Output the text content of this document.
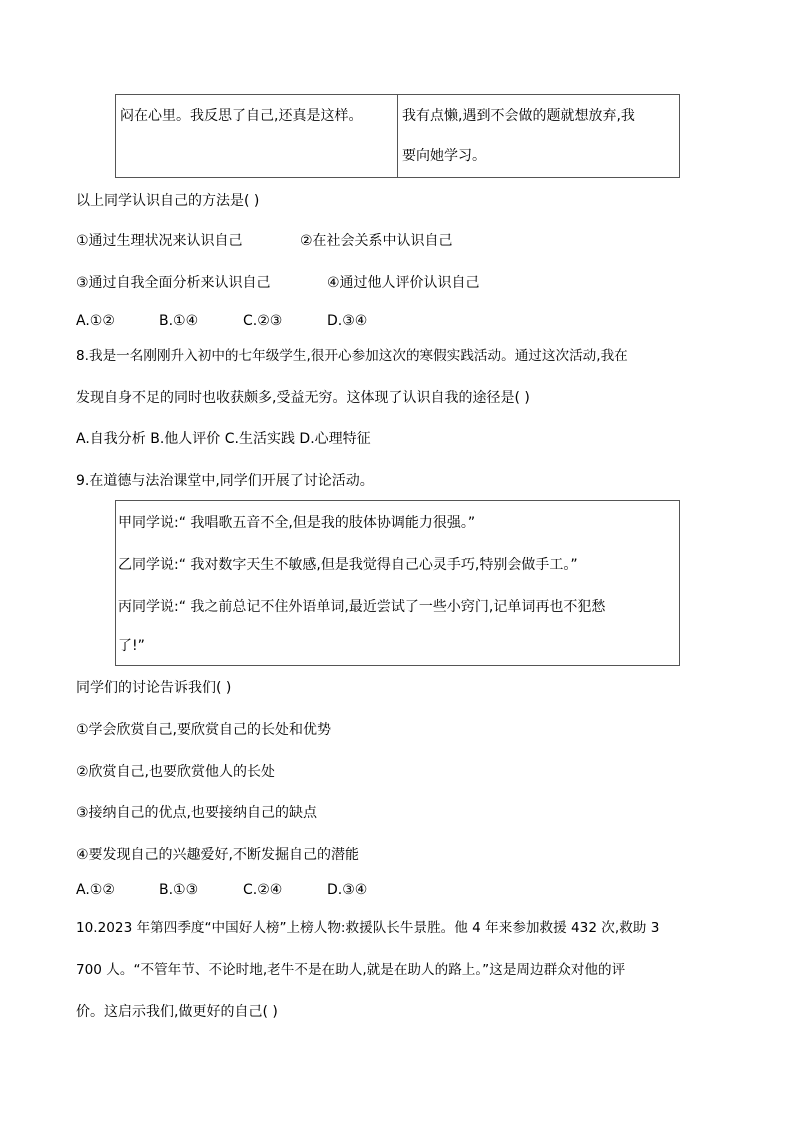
闷在心里。我反思了自己,还真是这样。	我有点懒,遇到不会做的题就想放弃,我
要向她学习。
以上同学认识自己的方法是( )
①通过生理状况来认识自己	②在社会关系中认识自己
③通过自我全面分析来认识自己	④通过他人评价认识自己
A.①②	B.①④	C.②③	D.③④
8.我是一名刚刚升入初中的七年级学生,很开心参加这次的寒假实践活动。通过这次活动,我在
发现自身不足的同时也收获颇多,受益无穷。这体现了认识自我的途径是( )
A.自我分析 B.他人评价 C.生活实践 D.心理特征
9.在道德与法治课堂中,同学们开展了讨论活动。
甲同学说:“ 我唱歌五音不全,但是我的肢体协调能力很强。”
乙同学说:“ 我对数字天生不敏感,但是我觉得自己心灵手巧,特别会做手工。”
丙同学说:“ 我之前总记不住外语单词,最近尝试了一些小窍门,记单词再也不犯愁
了!”
同学们的讨论告诉我们( )
①学会欣赏自己,要欣赏自己的长处和优势
②欣赏自己,也要欣赏他人的长处
③接纳自己的优点,也要接纳自己的缺点
④要发现自己的兴趣爱好,不断发掘自己的潜能
A.①②	B.①③	C.②④	D.③④
10.2023 年第四季度“中国好人榜”上榜人物:救援队长牛景胜。他 4 年来参加救援 432 次,救助 3
700 人。“不管年节、不论时地,老牛不是在助人,就是在助人的路上。”这是周边群众对他的评
价。这启示我们,做更好的自己( )
